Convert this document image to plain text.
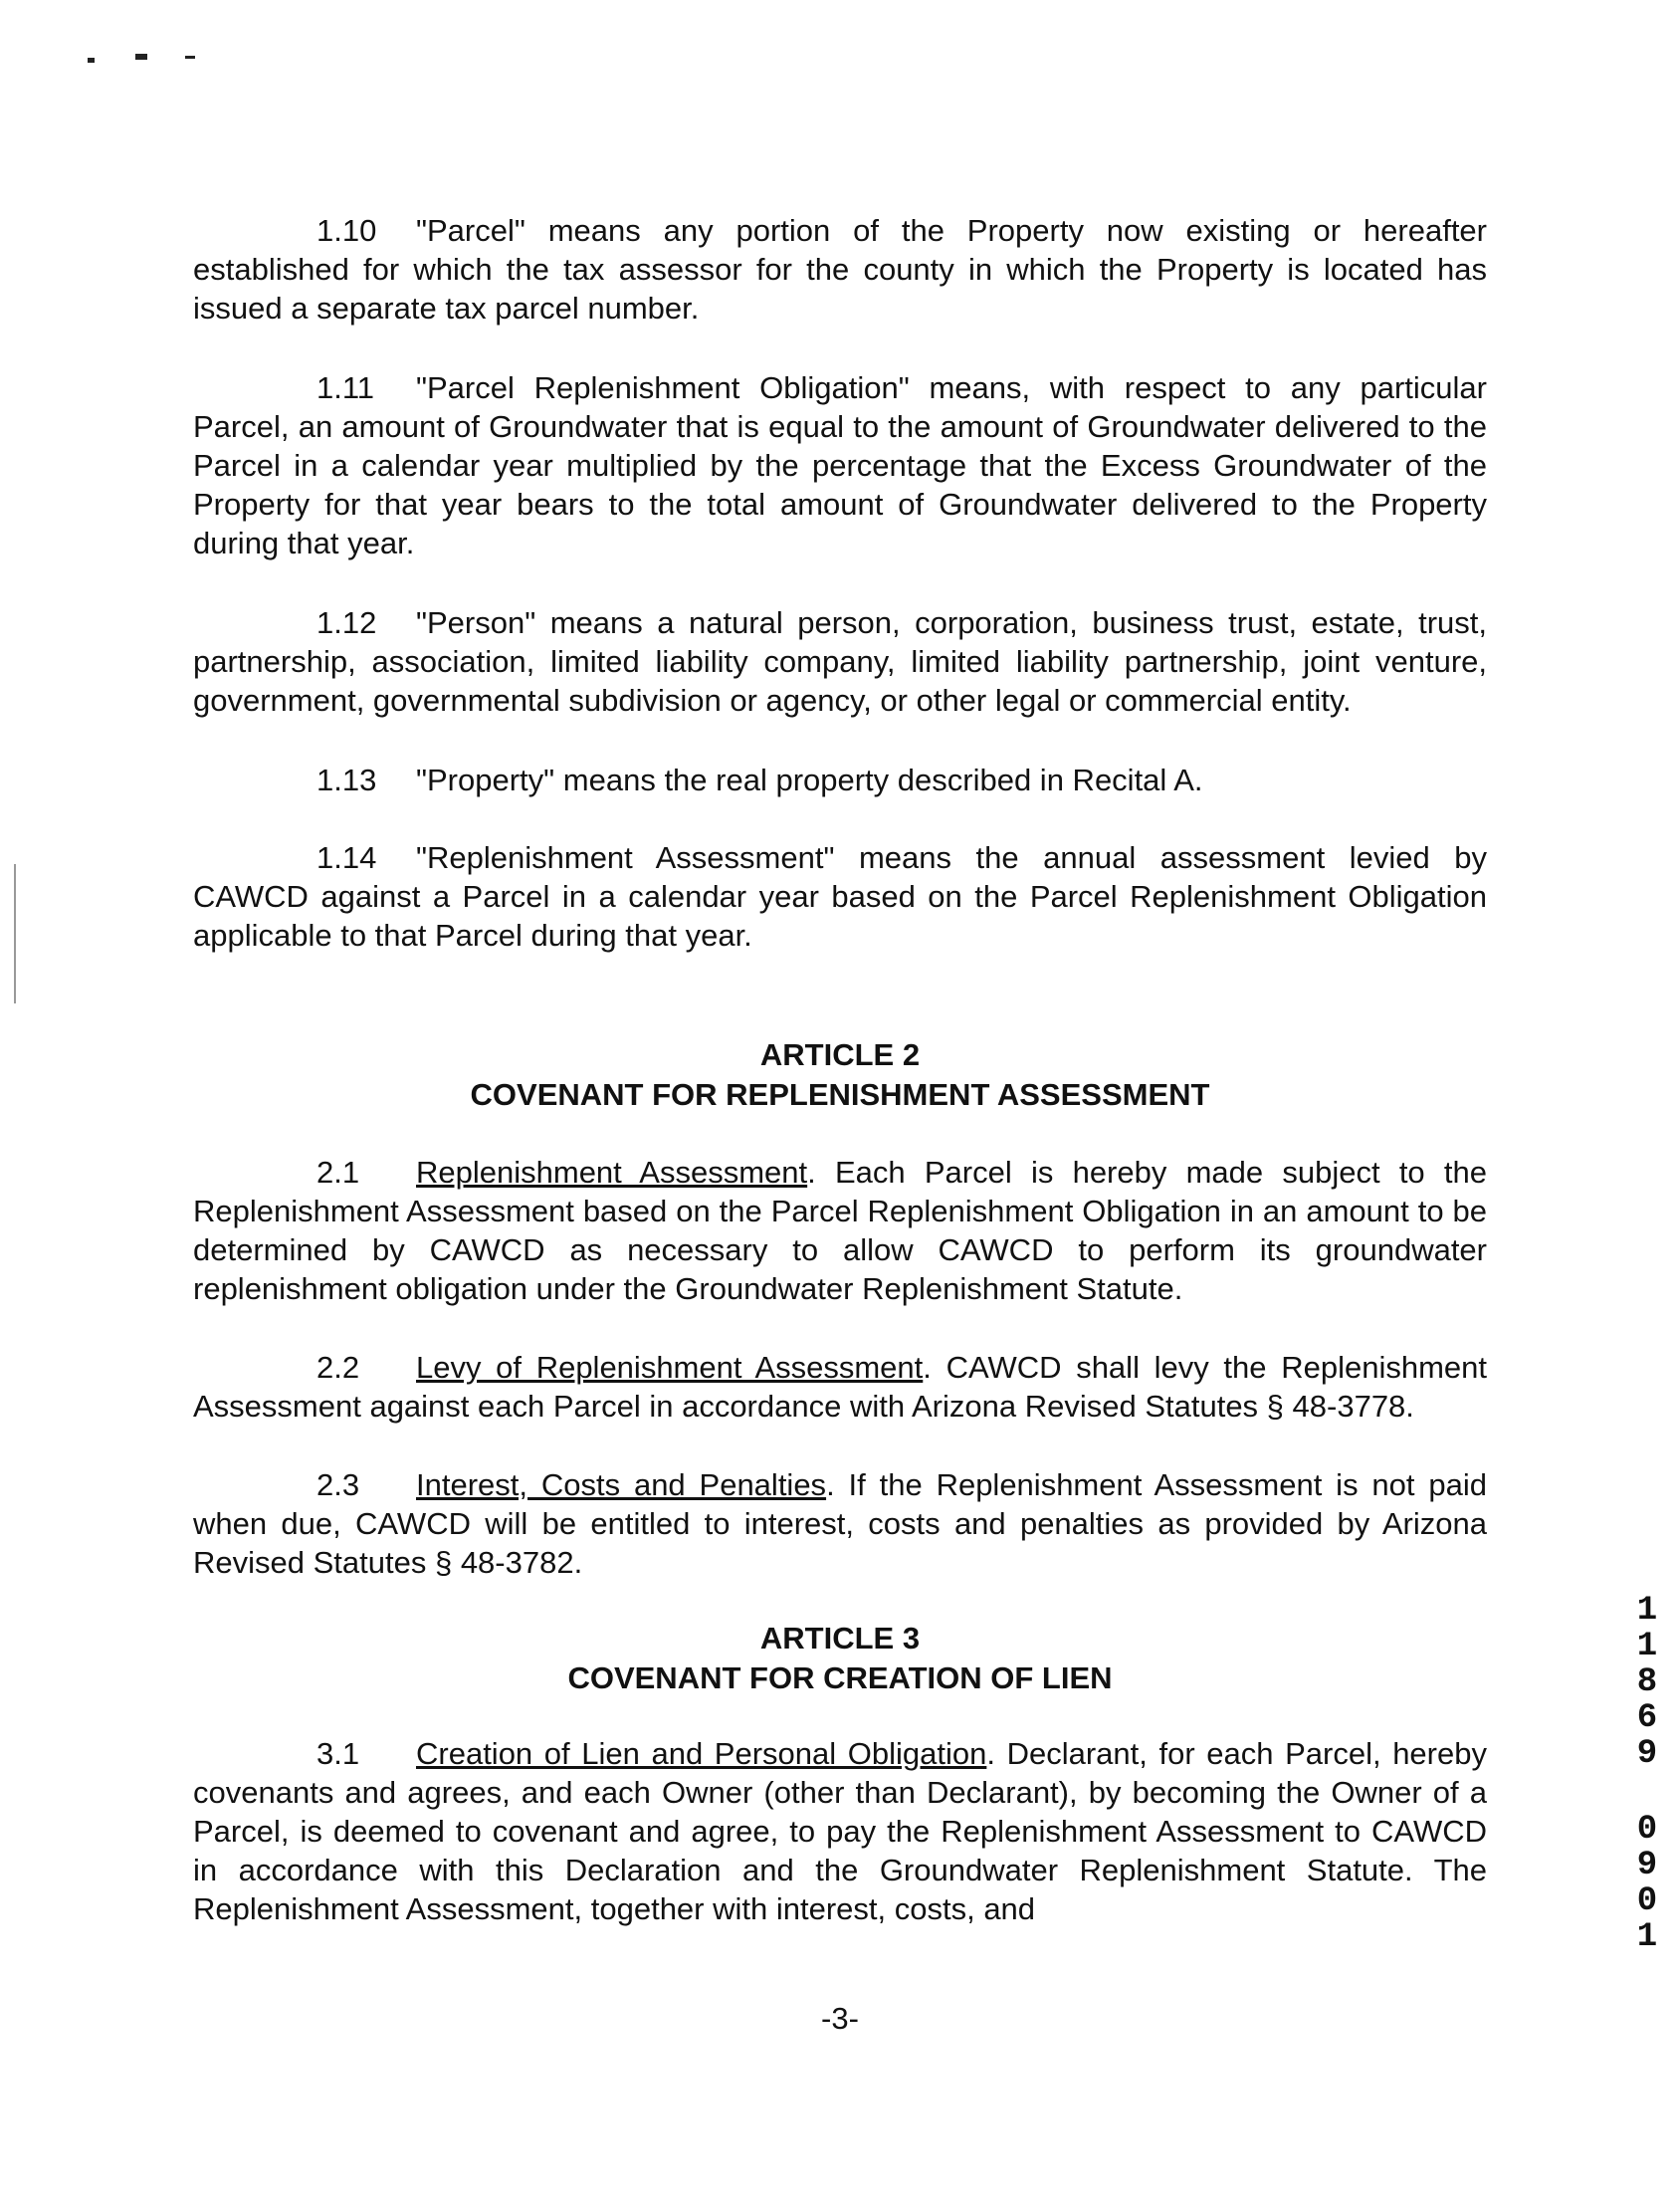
1.10 "Parcel" means any portion of the Property now existing or hereafter established for which the tax assessor for the county in which the Property is located has issued a separate tax parcel number.

1.11 "Parcel Replenishment Obligation" means, with respect to any particular Parcel, an amount of Groundwater that is equal to the amount of Groundwater delivered to the Parcel in a calendar year multiplied by the percentage that the Excess Groundwater of the Property for that year bears to the total amount of Groundwater delivered to the Property during that year.

1.12 "Person" means a natural person, corporation, business trust, estate, trust, partnership, association, limited liability company, limited liability partnership, joint venture, government, governmental subdivision or agency, or other legal or commercial entity.

1.13 "Property" means the real property described in Recital A.

1.14 "Replenishment Assessment" means the annual assessment levied by CAWCD against a Parcel in a calendar year based on the Parcel Replenishment Obligation applicable to that Parcel during that year.

ARTICLE 2
COVENANT FOR REPLENISHMENT ASSESSMENT

2.1 Replenishment Assessment. Each Parcel is hereby made subject to the Replenishment Assessment based on the Parcel Replenishment Obligation in an amount to be determined by CAWCD as necessary to allow CAWCD to perform its groundwater replenishment obligation under the Groundwater Replenishment Statute.

2.2 Levy of Replenishment Assessment. CAWCD shall levy the Replenishment Assessment against each Parcel in accordance with Arizona Revised Statutes § 48-3778.

2.3 Interest, Costs and Penalties. If the Replenishment Assessment is not paid when due, CAWCD will be entitled to interest, costs and penalties as provided by Arizona Revised Statutes § 48-3782.

ARTICLE 3
COVENANT FOR CREATION OF LIEN

3.1 Creation of Lien and Personal Obligation. Declarant, for each Parcel, hereby covenants and agrees, and each Owner (other than Declarant), by becoming the Owner of a Parcel, is deemed to covenant and agree, to pay the Replenishment Assessment to CAWCD in accordance with this Declaration and the Groundwater Replenishment Statute. The Replenishment Assessment, together with interest, costs, and

-3-
1
1
8
6
9
0
9
0
1
